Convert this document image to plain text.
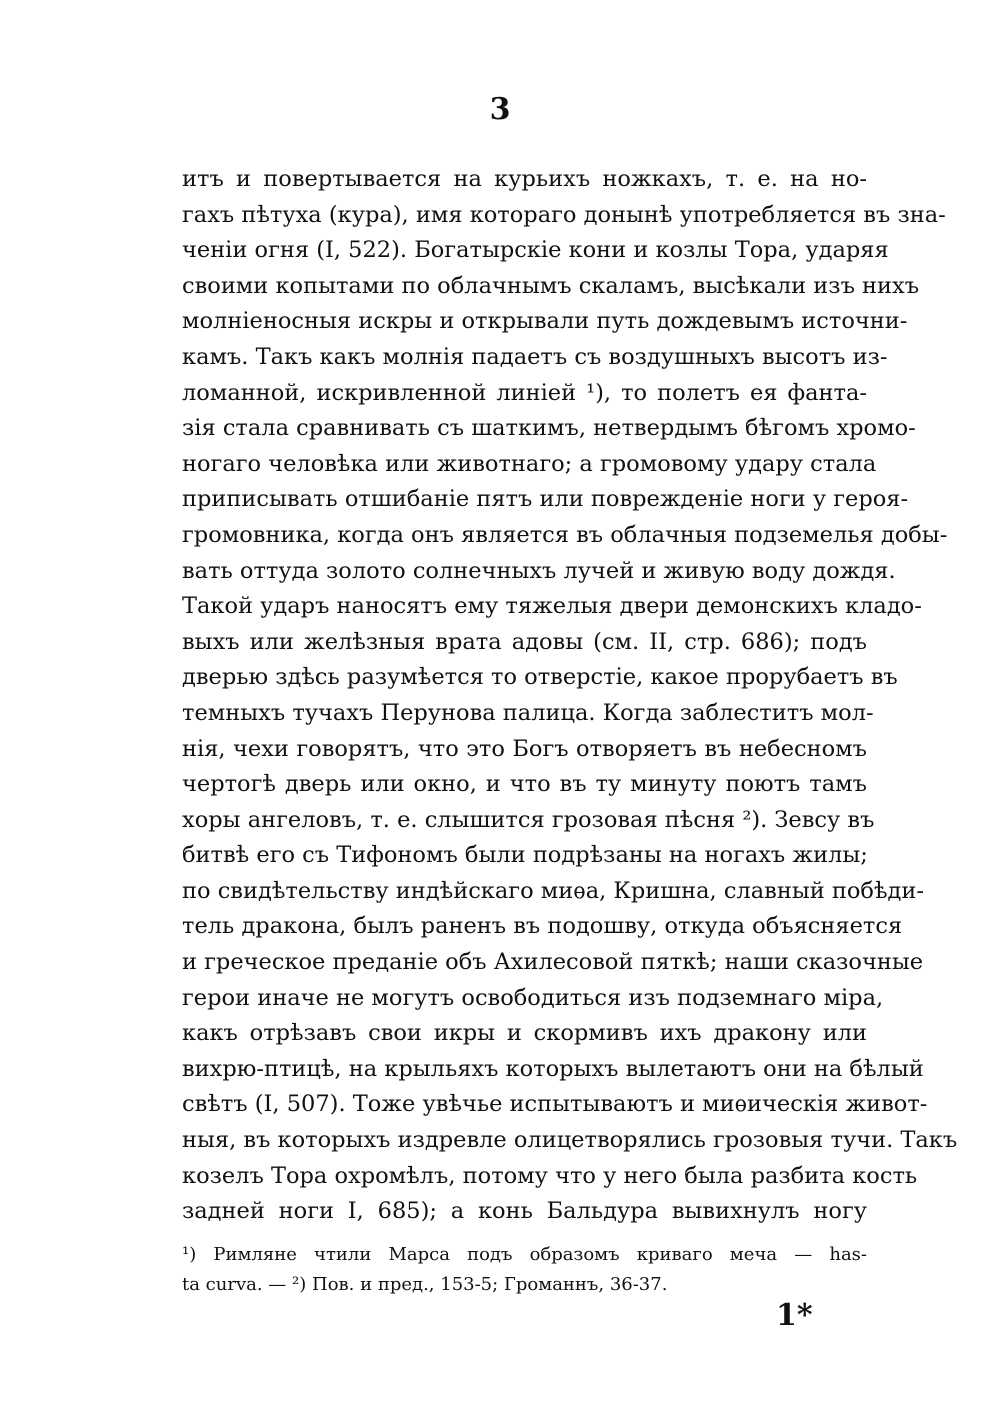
3
итъ и повертывается на курьихъ ножкахъ, т. е. на но-
гахъ пѣтуха (кура), имя котораго донынѣ употребляется въ зна-
ченіи огня (I, 522). Богатырскіе кони и козлы Тора, ударяя
своими копытами по облачнымъ скаламъ, высѣкали изъ нихъ
молніеносныя искры и открывали путь дождевымъ источни-
камъ. Такъ какъ молнія падаетъ съ воздушныхъ высотъ из-
ломанной, искривленной линіей ¹), то полетъ ея фанта-
зія стала сравнивать съ шаткимъ, нетвердымъ бѣгомъ хромо-
ногаго человѣка или животнаго; а громовому удару стала
приписывать отшибаніе пятъ или поврежденіе ноги у героя-
громовника, когда онъ является въ облачныя подземелья добы-
вать оттуда золото солнечныхъ лучей и живую воду дождя.
Такой ударъ наносятъ ему тяжелыя двери демонскихъ кладо-
выхъ или желѣзныя врата адовы (см. II, стр. 686); подъ
дверью здѣсь разумѣется то отверстіе, какое прорубаетъ въ
темныхъ тучахъ Перунова палица. Когда заблеститъ мол-
нія, чехи говорятъ, что это Богъ отворяетъ въ небесномъ
чертогѣ дверь или окно, и что въ ту минуту поютъ тамъ
хоры ангеловъ, т. е. слышится грозовая пѣсня ²). Зевсу въ
битвѣ его съ Тифономъ были подрѣзаны на ногахъ жилы;
по свидѣтельству индѣйскаго миѳа, Кришна, славный побѣди-
тель дракона, былъ раненъ въ подошву, откуда объясняется
и греческое преданіе объ Ахилесовой пяткѣ; наши сказочные
герои иначе не могутъ освободиться изъ подземнаго міра,
какъ отрѣзавъ свои икры и скормивъ ихъ дракону или
вихрю-птицѣ, на крыльяхъ которыхъ вылетаютъ они на бѣлый
свѣтъ (I, 507). Тоже увѣчье испытываютъ и миѳическія живот-
ныя, въ которыхъ издревле олицетворялись грозовыя тучи. Такъ
козелъ Тора охромѣлъ, потому что у него была разбита кость
задней ноги I, 685); а конь Бальдура вывихнулъ ногу
¹) Римляне чтили Марса подъ образомъ криваго меча — has-
ta curva. — ²) Пов. и пред., 153-5; Громаннъ, 36-37.
1*
